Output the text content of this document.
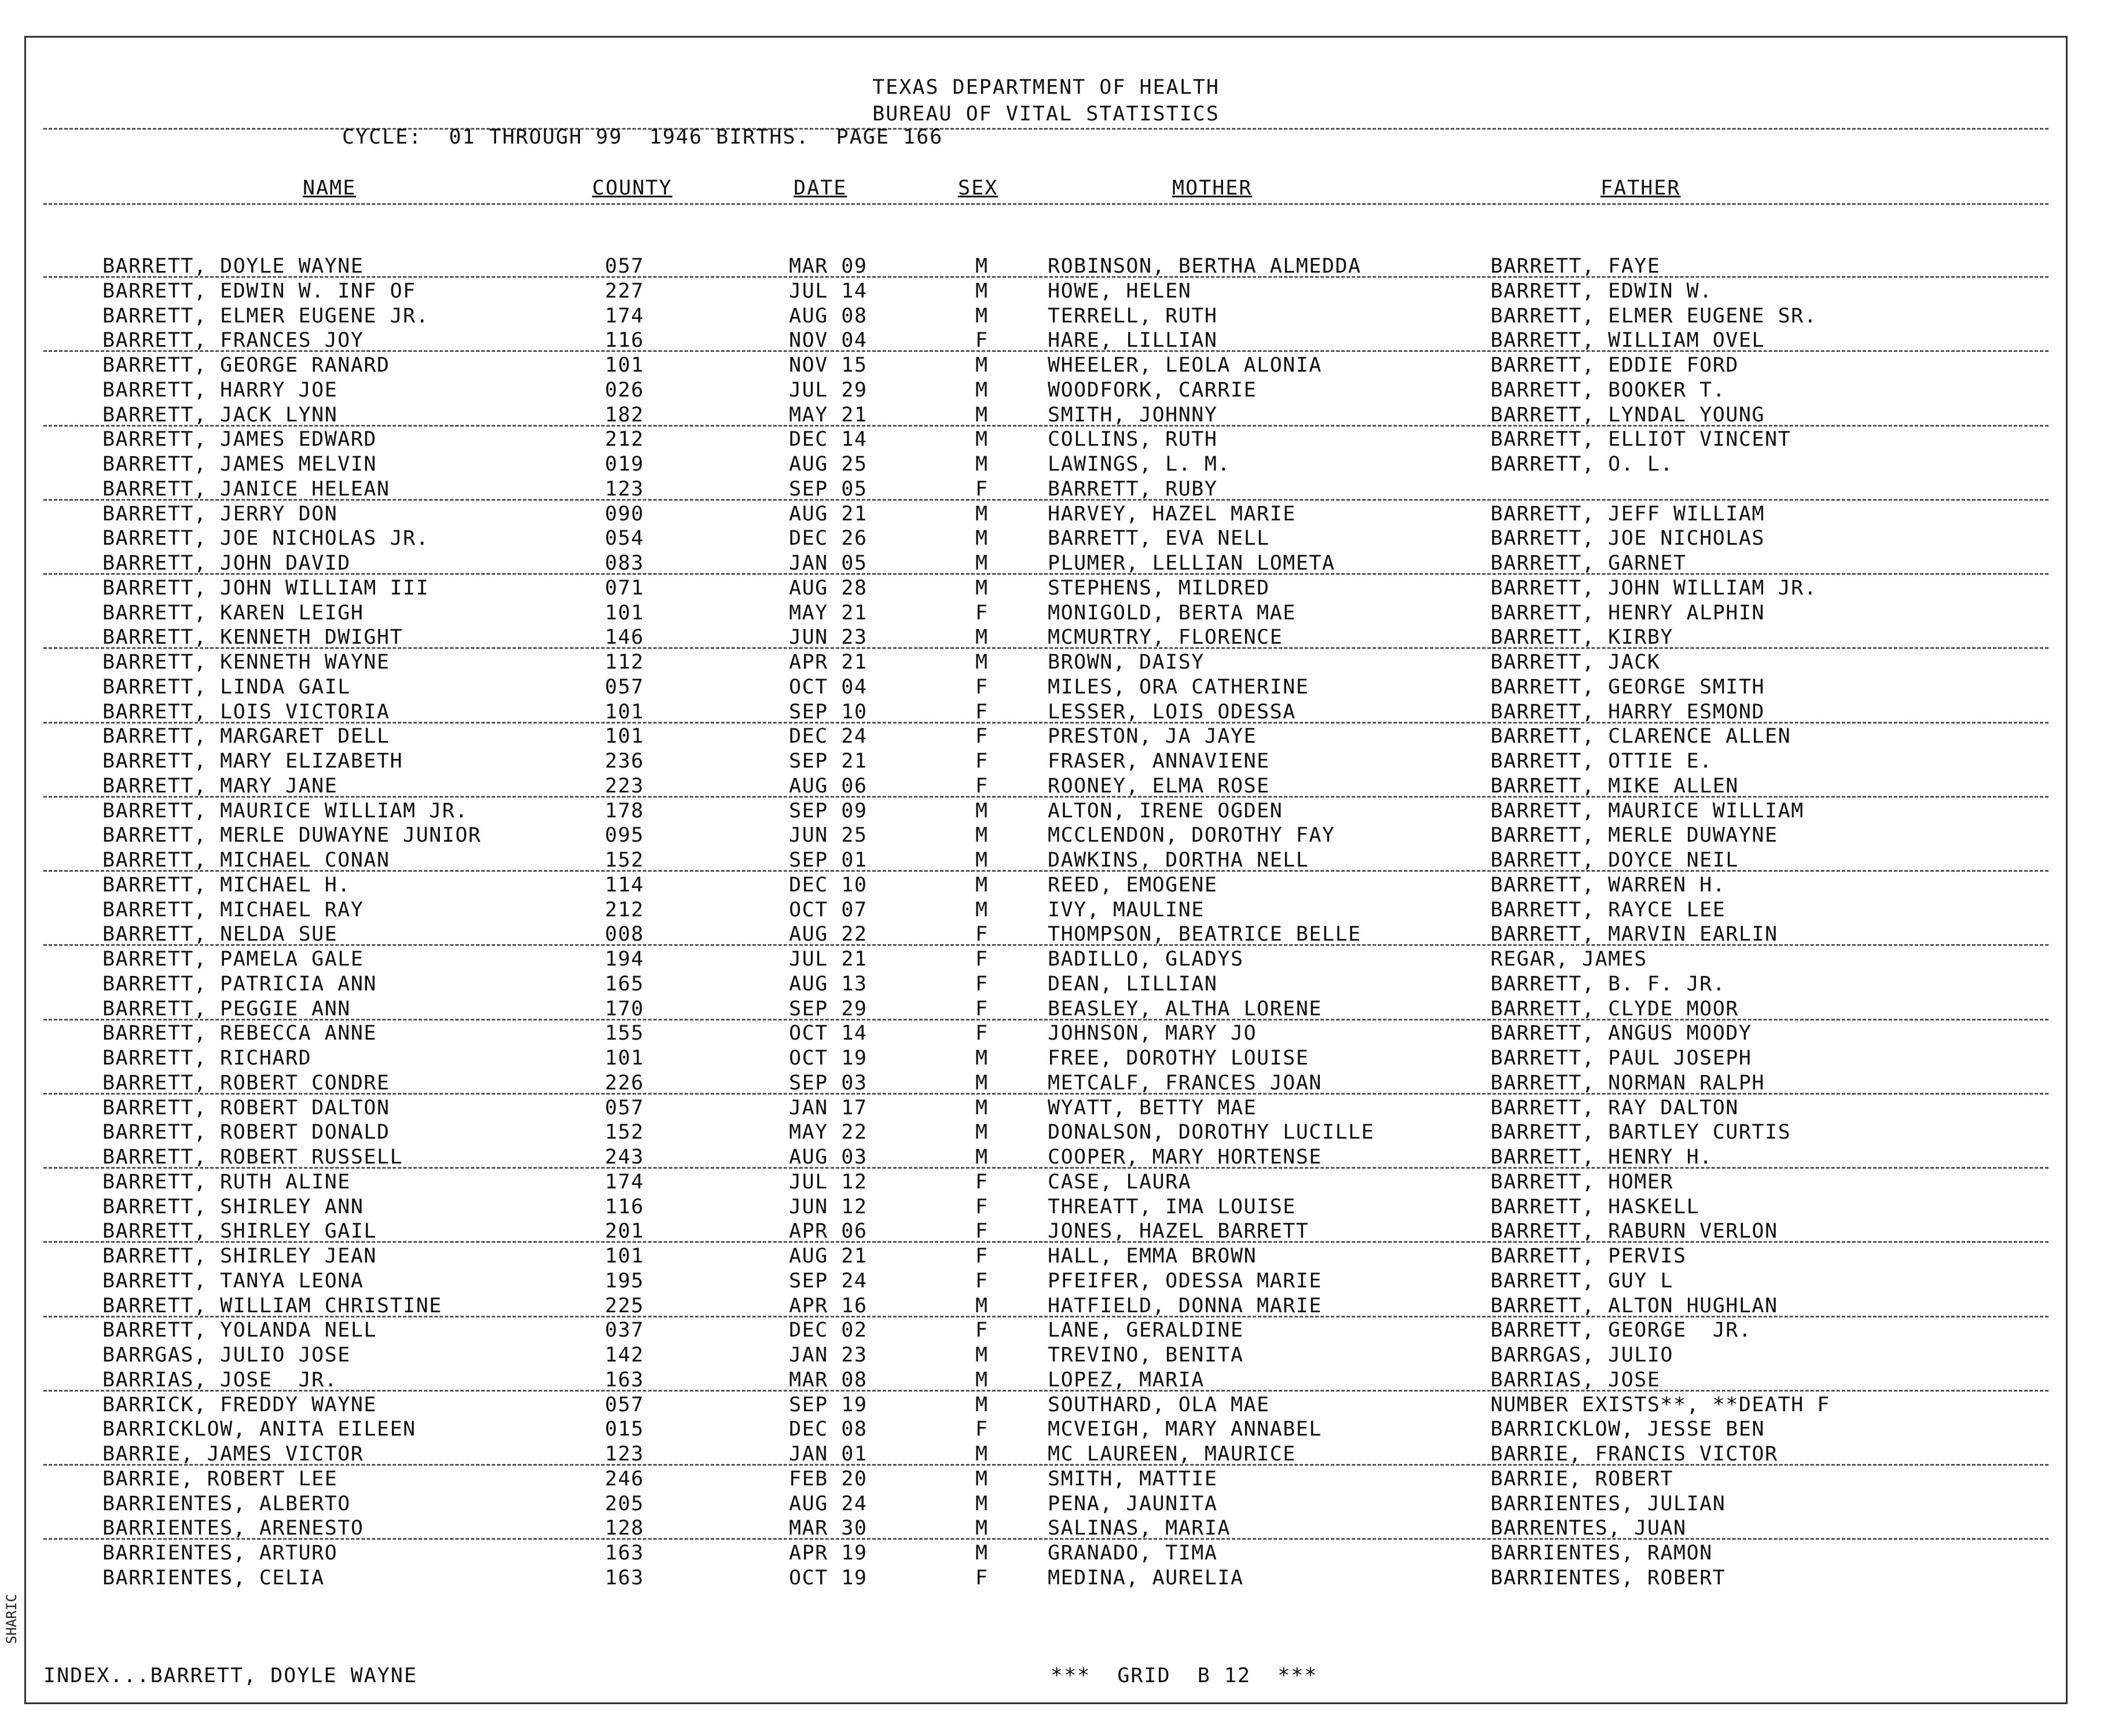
SHARIC
TEXAS DEPARTMENT OF HEALTH
BUREAU OF VITAL STATISTICS
CYCLE:  01 THROUGH 99  1946 BIRTHS.  PAGE 166
NAME	COUNTY	DATE	SEX	MOTHER	FATHER
BARRETT, DOYLE WAYNE	057	MAR 09	M	ROBINSON, BERTHA ALMEDDA	BARRETT, FAYE
BARRETT, EDWIN W. INF OF	227	JUL 14	M	HOWE, HELEN	BARRETT, EDWIN W.
BARRETT, ELMER EUGENE JR.	174	AUG 08	M	TERRELL, RUTH	BARRETT, ELMER EUGENE SR.
BARRETT, FRANCES JOY	116	NOV 04	F	HARE, LILLIAN	BARRETT, WILLIAM OVEL
BARRETT, GEORGE RANARD	101	NOV 15	M	WHEELER, LEOLA ALONIA	BARRETT, EDDIE FORD
BARRETT, HARRY JOE	026	JUL 29	M	WOODFORK, CARRIE	BARRETT, BOOKER T.
BARRETT, JACK LYNN	182	MAY 21	M	SMITH, JOHNNY	BARRETT, LYNDAL YOUNG
BARRETT, JAMES EDWARD	212	DEC 14	M	COLLINS, RUTH	BARRETT, ELLIOT VINCENT
BARRETT, JAMES MELVIN	019	AUG 25	M	LAWINGS, L. M.	BARRETT, O. L.
BARRETT, JANICE HELEAN	123	SEP 05	F	BARRETT, RUBY
BARRETT, JERRY DON	090	AUG 21	M	HARVEY, HAZEL MARIE	BARRETT, JEFF WILLIAM
BARRETT, JOE NICHOLAS JR.	054	DEC 26	M	BARRETT, EVA NELL	BARRETT, JOE NICHOLAS
BARRETT, JOHN DAVID	083	JAN 05	M	PLUMER, LELLIAN LOMETA	BARRETT, GARNET
BARRETT, JOHN WILLIAM III	071	AUG 28	M	STEPHENS, MILDRED	BARRETT, JOHN WILLIAM JR.
BARRETT, KAREN LEIGH	101	MAY 21	F	MONIGOLD, BERTA MAE	BARRETT, HENRY ALPHIN
BARRETT, KENNETH DWIGHT	146	JUN 23	M	MCMURTRY, FLORENCE	BARRETT, KIRBY
BARRETT, KENNETH WAYNE	112	APR 21	M	BROWN, DAISY	BARRETT, JACK
BARRETT, LINDA GAIL	057	OCT 04	F	MILES, ORA CATHERINE	BARRETT, GEORGE SMITH
BARRETT, LOIS VICTORIA	101	SEP 10	F	LESSER, LOIS ODESSA	BARRETT, HARRY ESMOND
BARRETT, MARGARET DELL	101	DEC 24	F	PRESTON, JA JAYE	BARRETT, CLARENCE ALLEN
BARRETT, MARY ELIZABETH	236	SEP 21	F	FRASER, ANNAVIENE	BARRETT, OTTIE E.
BARRETT, MARY JANE	223	AUG 06	F	ROONEY, ELMA ROSE	BARRETT, MIKE ALLEN
BARRETT, MAURICE WILLIAM JR.	178	SEP 09	M	ALTON, IRENE OGDEN	BARRETT, MAURICE WILLIAM
BARRETT, MERLE DUWAYNE JUNIOR	095	JUN 25	M	MCCLENDON, DOROTHY FAY	BARRETT, MERLE DUWAYNE
BARRETT, MICHAEL CONAN	152	SEP 01	M	DAWKINS, DORTHA NELL	BARRETT, DOYCE NEIL
BARRETT, MICHAEL H.	114	DEC 10	M	REED, EMOGENE	BARRETT, WARREN H.
BARRETT, MICHAEL RAY	212	OCT 07	M	IVY, MAULINE	BARRETT, RAYCE LEE
BARRETT, NELDA SUE	008	AUG 22	F	THOMPSON, BEATRICE BELLE	BARRETT, MARVIN EARLIN
BARRETT, PAMELA GALE	194	JUL 21	F	BADILLO, GLADYS	REGAR, JAMES
BARRETT, PATRICIA ANN	165	AUG 13	F	DEAN, LILLIAN	BARRETT, B. F. JR.
BARRETT, PEGGIE ANN	170	SEP 29	F	BEASLEY, ALTHA LORENE	BARRETT, CLYDE MOOR
BARRETT, REBECCA ANNE	155	OCT 14	F	JOHNSON, MARY JO	BARRETT, ANGUS MOODY
BARRETT, RICHARD	101	OCT 19	M	FREE, DOROTHY LOUISE	BARRETT, PAUL JOSEPH
BARRETT, ROBERT CONDRE	226	SEP 03	M	METCALF, FRANCES JOAN	BARRETT, NORMAN RALPH
BARRETT, ROBERT DALTON	057	JAN 17	M	WYATT, BETTY MAE	BARRETT, RAY DALTON
BARRETT, ROBERT DONALD	152	MAY 22	M	DONALSON, DOROTHY LUCILLE	BARRETT, BARTLEY CURTIS
BARRETT, ROBERT RUSSELL	243	AUG 03	M	COOPER, MARY HORTENSE	BARRETT, HENRY H.
BARRETT, RUTH ALINE	174	JUL 12	F	CASE, LAURA	BARRETT, HOMER
BARRETT, SHIRLEY ANN	116	JUN 12	F	THREATT, IMA LOUISE	BARRETT, HASKELL
BARRETT, SHIRLEY GAIL	201	APR 06	F	JONES, HAZEL BARRETT	BARRETT, RABURN VERLON
BARRETT, SHIRLEY JEAN	101	AUG 21	F	HALL, EMMA BROWN	BARRETT, PERVIS
BARRETT, TANYA LEONA	195	SEP 24	F	PFEIFER, ODESSA MARIE	BARRETT, GUY L
BARRETT, WILLIAM CHRISTINE	225	APR 16	M	HATFIELD, DONNA MARIE	BARRETT, ALTON HUGHLAN
BARRETT, YOLANDA NELL	037	DEC 02	F	LANE, GERALDINE	BARRETT, GEORGE  JR.
BARRGAS, JULIO JOSE	142	JAN 23	M	TREVINO, BENITA	BARRGAS, JULIO
BARRIAS, JOSE  JR.	163	MAR 08	M	LOPEZ, MARIA	BARRIAS, JOSE
BARRICK, FREDDY WAYNE	057	SEP 19	M	SOUTHARD, OLA MAE	NUMBER EXISTS**, **DEATH F
BARRICKLOW, ANITA EILEEN	015	DEC 08	F	MCVEIGH, MARY ANNABEL	BARRICKLOW, JESSE BEN
BARRIE, JAMES VICTOR	123	JAN 01	M	MC LAUREEN, MAURICE	BARRIE, FRANCIS VICTOR
BARRIE, ROBERT LEE	246	FEB 20	M	SMITH, MATTIE	BARRIE, ROBERT
BARRIENTES, ALBERTO	205	AUG 24	M	PENA, JAUNITA	BARRIENTES, JULIAN
BARRIENTES, ARENESTO	128	MAR 30	M	SALINAS, MARIA	BARRENTES, JUAN
BARRIENTES, ARTURO	163	APR 19	M	GRANADO, TIMA	BARRIENTES, RAMON
BARRIENTES, CELIA	163	OCT 19	F	MEDINA, AURELIA	BARRIENTES, ROBERT
INDEX...BARRETT, DOYLE WAYNE	***  GRID  B 12  ***
